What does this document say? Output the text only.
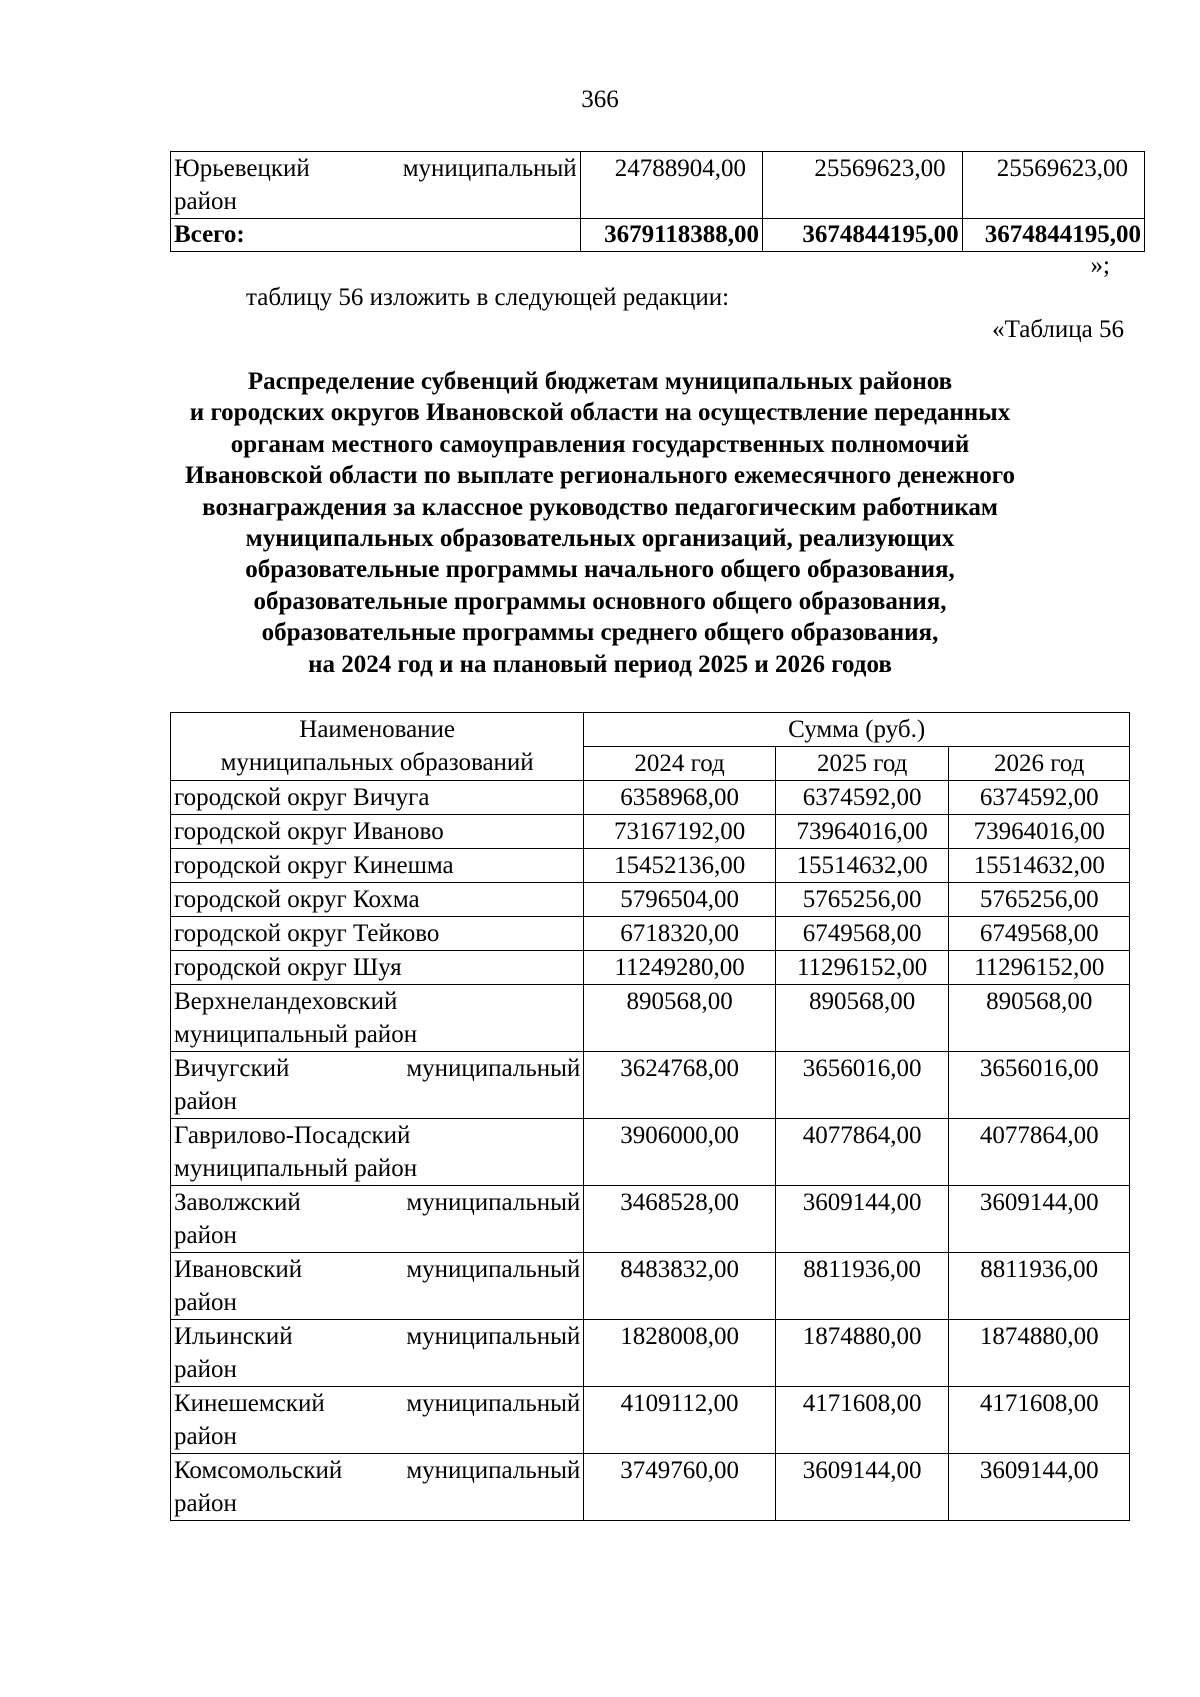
366
Юрьевецкий муниципальный
район	24788904,00	25569623,00	25569623,00
Всего:	3679118388,00	3674844195,00	3674844195,00
»;
таблицу 56 изложить в следующей редакции:
«Таблица 56
Распределение субвенций бюджетам муниципальных районов
и городских округов Ивановской области на осуществление переданных
органам местного самоуправления государственных полномочий
Ивановской области по выплате регионального ежемесячного денежного
вознаграждения за классное руководство педагогическим работникам
муниципальных образовательных организаций, реализующих
образовательные программы начального общего образования,
образовательные программы основного общего образования,
образовательные программы среднего общего образования,
на 2024 год и на плановый период 2025 и 2026 годов
Наименование
муниципальных образований	Сумма (руб.)		
	2024 год	2025 год	2026 год
городской округ Вичуга	6358968,00	6374592,00	6374592,00
городской округ Иваново	73167192,00	73964016,00	73964016,00
городской округ Кинешма	15452136,00	15514632,00	15514632,00
городской округ Кохма	5796504,00	5765256,00	5765256,00
городской округ Тейково	6718320,00	6749568,00	6749568,00
городской округ Шуя	11249280,00	11296152,00	11296152,00

Верхнеландеховский
муниципальный район	890568,00	890568,00	890568,00

Вичугский муниципальный
район	3624768,00	3656016,00	3656016,00

Гаврилово-Посадский
муниципальный район	3906000,00	4077864,00	4077864,00

Заволжский муниципальный
район	3468528,00	3609144,00	3609144,00

Ивановский муниципальный
район	8483832,00	8811936,00	8811936,00

Ильинский муниципальный
район	1828008,00	1874880,00	1874880,00

Кинешемский муниципальный
район	4109112,00	4171608,00	4171608,00

Комсомольский муниципальный
район	3749760,00	3609144,00	3609144,00
